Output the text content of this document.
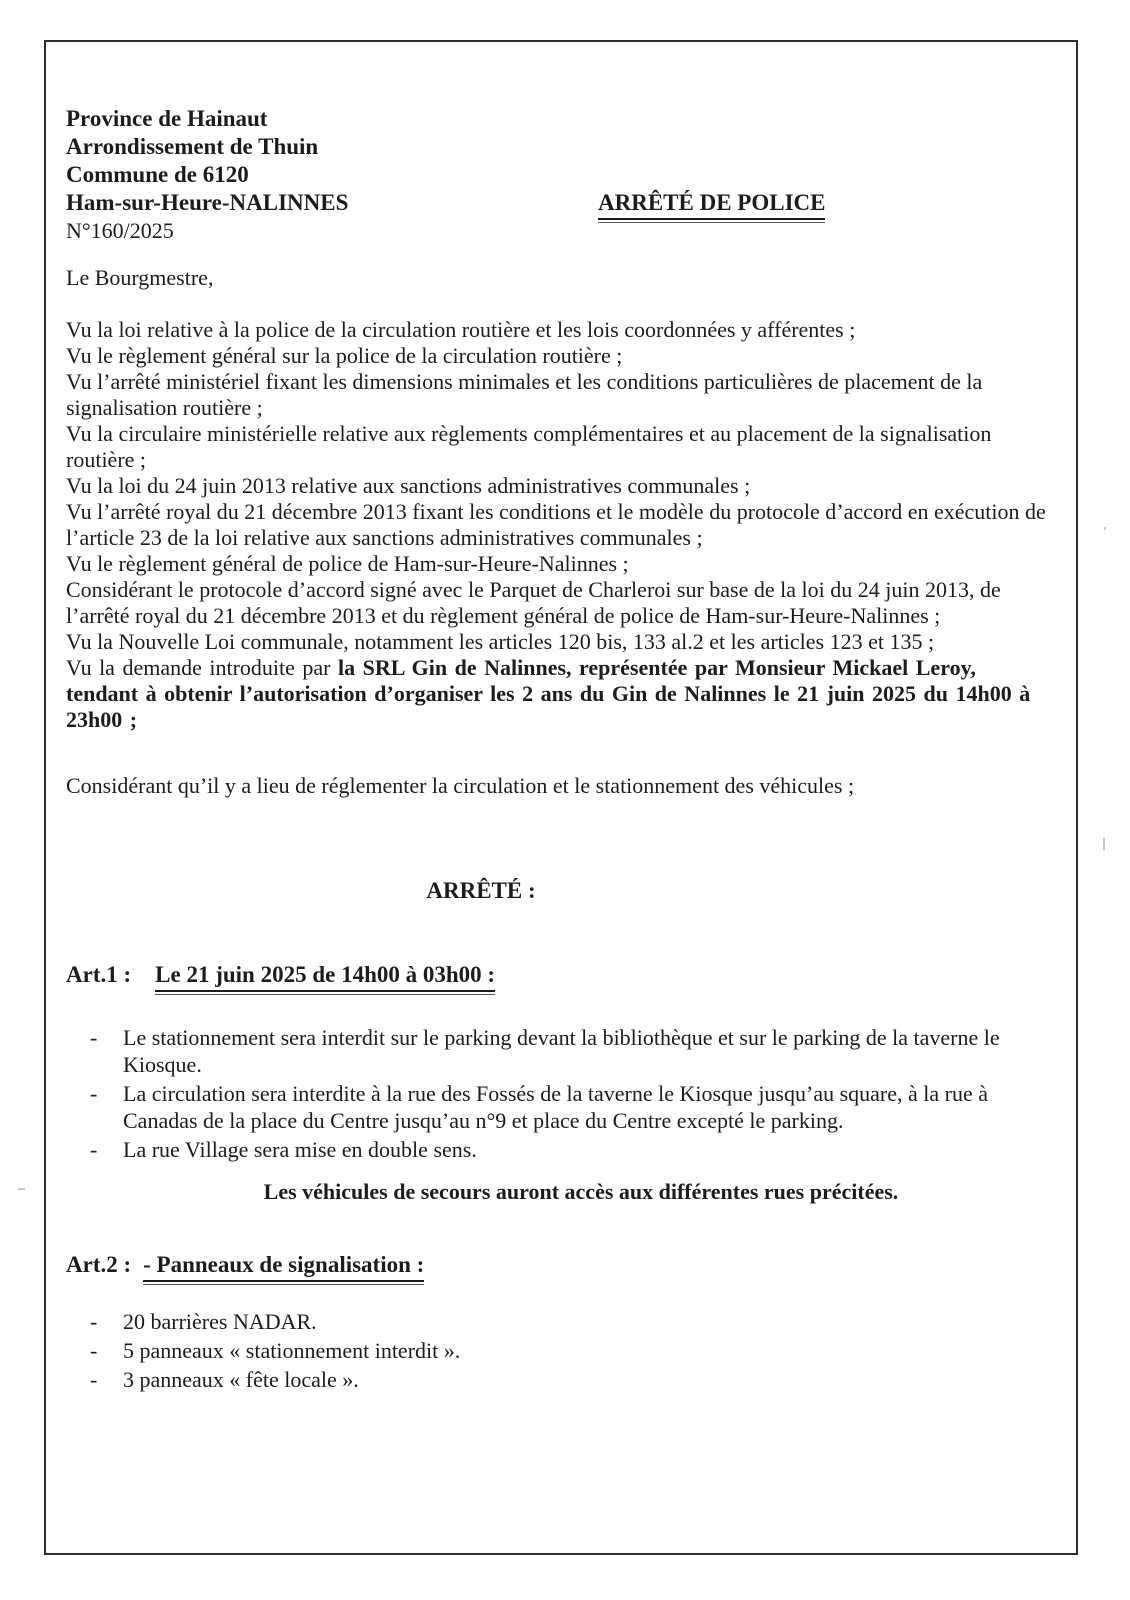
Province de Hainaut
Arrondissement de Thuin
Commune de 6120
Ham-sur-Heure-NALINNES
N°160/2025
ARRÊTÉ DE POLICE
Le Bourgmestre,
Vu la loi relative à la police de la circulation routière et les lois coordonnées y afférentes ;
Vu le règlement général sur la police de la circulation routière ;
Vu l’arrêté ministériel fixant les dimensions minimales et les conditions particulières de placement de la signalisation routière ;
Vu la circulaire ministérielle relative aux règlements complémentaires et au placement de la signalisation routière ;
Vu la loi du 24 juin 2013 relative aux sanctions administratives communales ;
Vu l’arrêté royal du 21 décembre 2013 fixant les conditions et le modèle du protocole d’accord en exécution de l’article 23 de la loi relative aux sanctions administratives communales ;
Vu le règlement général de police de Ham-sur-Heure-Nalinnes ;
Considérant le protocole d’accord signé avec le Parquet de Charleroi sur base de la loi du 24 juin 2013, de l’arrêté royal du 21 décembre 2013 et du règlement général de police de Ham-sur-Heure-Nalinnes ;
Vu la Nouvelle Loi communale, notamment les articles 120 bis, 133 al.2 et les articles 123 et 135 ;
Vu la demande introduite par la SRL Gin de Nalinnes, représentée par Monsieur Mickael Leroy, tendant à obtenir l’autorisation d’organiser les 2 ans du Gin de Nalinnes le 21 juin 2025 du 14h00 à 23h00 ;
Considérant qu’il y a lieu de réglementer la circulation et le stationnement des véhicules ;
ARRÊTÉ :
Art.1 : Le 21 juin 2025 de 14h00 à 03h00 :
-	Le stationnement sera interdit sur le parking devant la bibliothèque et sur le parking de la taverne le Kiosque.
-	La circulation sera interdite à la rue des Fossés de la taverne le Kiosque jusqu’au square, à la rue à Canadas de la place du Centre jusqu’au n°9 et place du Centre excepté le parking.
-	La rue Village sera mise en double sens.
Les véhicules de secours auront accès aux différentes rues précitées.
Art.2 : - Panneaux de signalisation :
-	20 barrières NADAR.
-	5 panneaux « stationnement interdit ».
-	3 panneaux « fête locale ».
